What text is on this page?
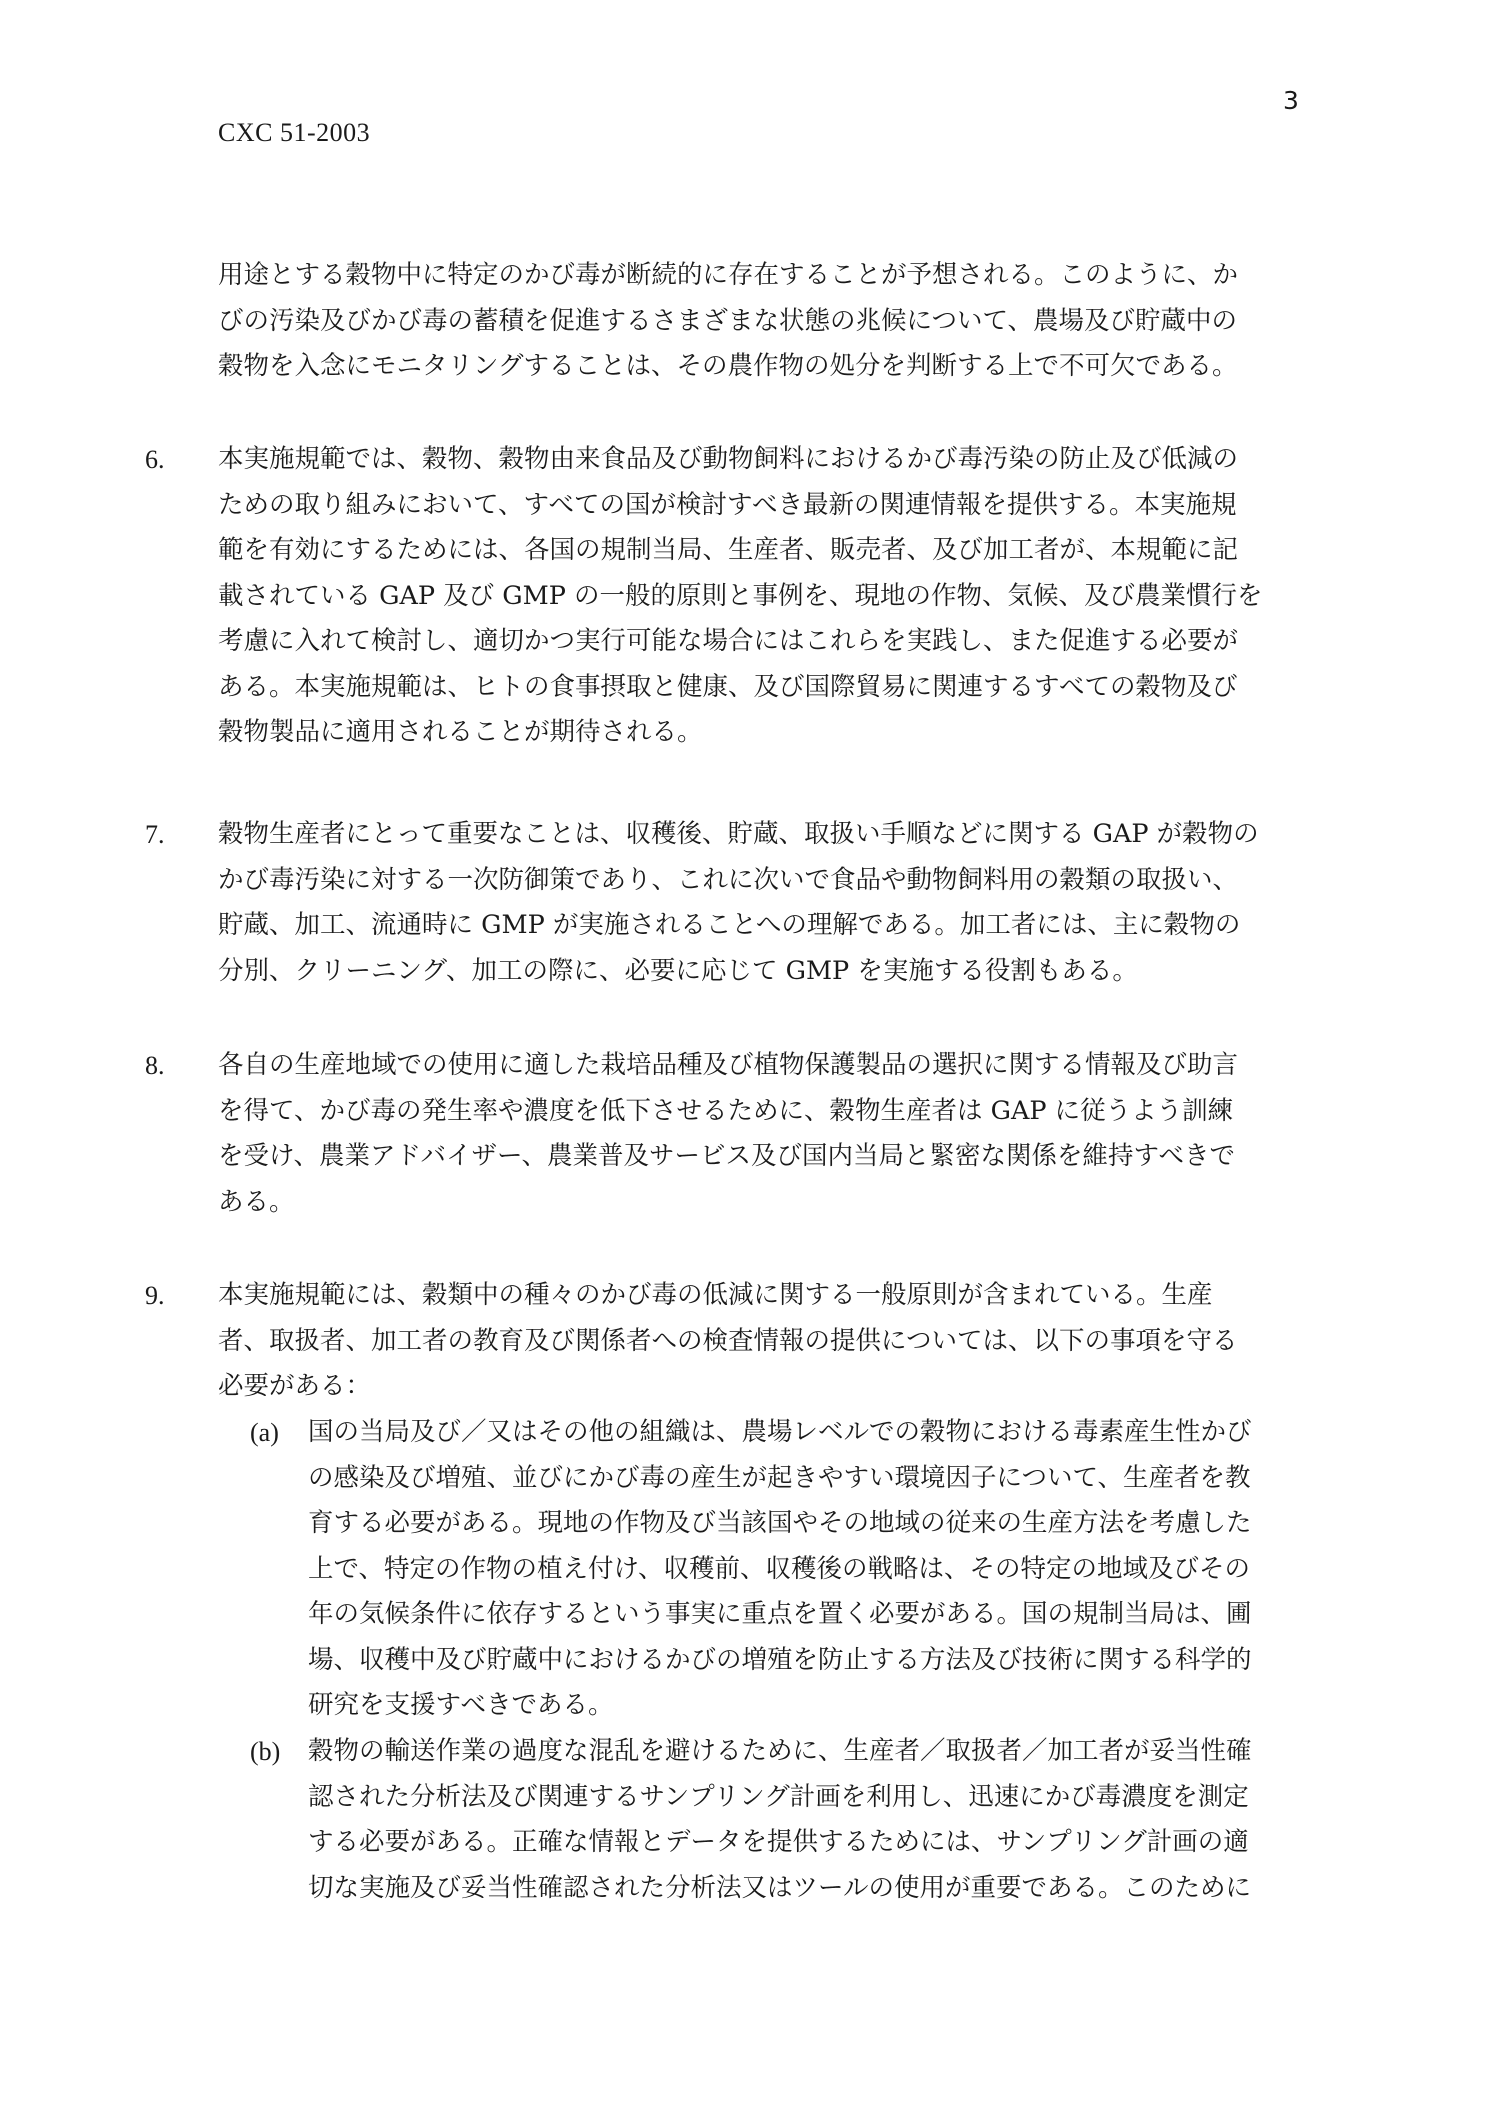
3
CXC 51-2003
用途とする穀物中に特定のかび毒が断続的に存在することが予想される。このように、か
びの汚染及びかび毒の蓄積を促進するさまざまな状態の兆候について、農場及び貯蔵中の
穀物を入念にモニタリングすることは、その農作物の処分を判断する上で不可欠である。
6. 本実施規範では、穀物、穀物由来食品及び動物飼料におけるかび毒汚染の防止及び低減の
ための取り組みにおいて、すべての国が検討すべき最新の関連情報を提供する。本実施規
範を有効にするためには、各国の規制当局、生産者、販売者、及び加工者が、本規範に記
載されている GAP 及び GMP の一般的原則と事例を、現地の作物、気候、及び農業慣行を
考慮に入れて検討し、適切かつ実行可能な場合にはこれらを実践し、また促進する必要が
ある。本実施規範は、ヒトの食事摂取と健康、及び国際貿易に関連するすべての穀物及び
穀物製品に適用されることが期待される。
7. 穀物生産者にとって重要なことは、収穫後、貯蔵、取扱い手順などに関する GAP が穀物の
かび毒汚染に対する一次防御策であり、これに次いで食品や動物飼料用の穀類の取扱い、
貯蔵、加工、流通時に GMP が実施されることへの理解である。加工者には、主に穀物の
分別、クリーニング、加工の際に、必要に応じて GMP を実施する役割もある。
8. 各自の生産地域での使用に適した栽培品種及び植物保護製品の選択に関する情報及び助言
を得て、かび毒の発生率や濃度を低下させるために、穀物生産者は GAP に従うよう訓練
を受け、農業アドバイザー、農業普及サービス及び国内当局と緊密な関係を維持すべきで
ある。
9. 本実施規範には、穀類中の種々のかび毒の低減に関する一般原則が含まれている。生産
者、取扱者、加工者の教育及び関係者への検査情報の提供については、以下の事項を守る
必要がある：
(a) 国の当局及び／又はその他の組織は、農場レベルでの穀物における毒素産生性かび
の感染及び増殖、並びにかび毒の産生が起きやすい環境因子について、生産者を教
育する必要がある。現地の作物及び当該国やその地域の従来の生産方法を考慮した
上で、特定の作物の植え付け、収穫前、収穫後の戦略は、その特定の地域及びその
年の気候条件に依存するという事実に重点を置く必要がある。国の規制当局は、圃
場、収穫中及び貯蔵中におけるかびの増殖を防止する方法及び技術に関する科学的
研究を支援すべきである。
(b) 穀物の輸送作業の過度な混乱を避けるために、生産者／取扱者／加工者が妥当性確
認された分析法及び関連するサンプリング計画を利用し、迅速にかび毒濃度を測定
する必要がある。正確な情報とデータを提供するためには、サンプリング計画の適
切な実施及び妥当性確認された分析法又はツールの使用が重要である。このために
